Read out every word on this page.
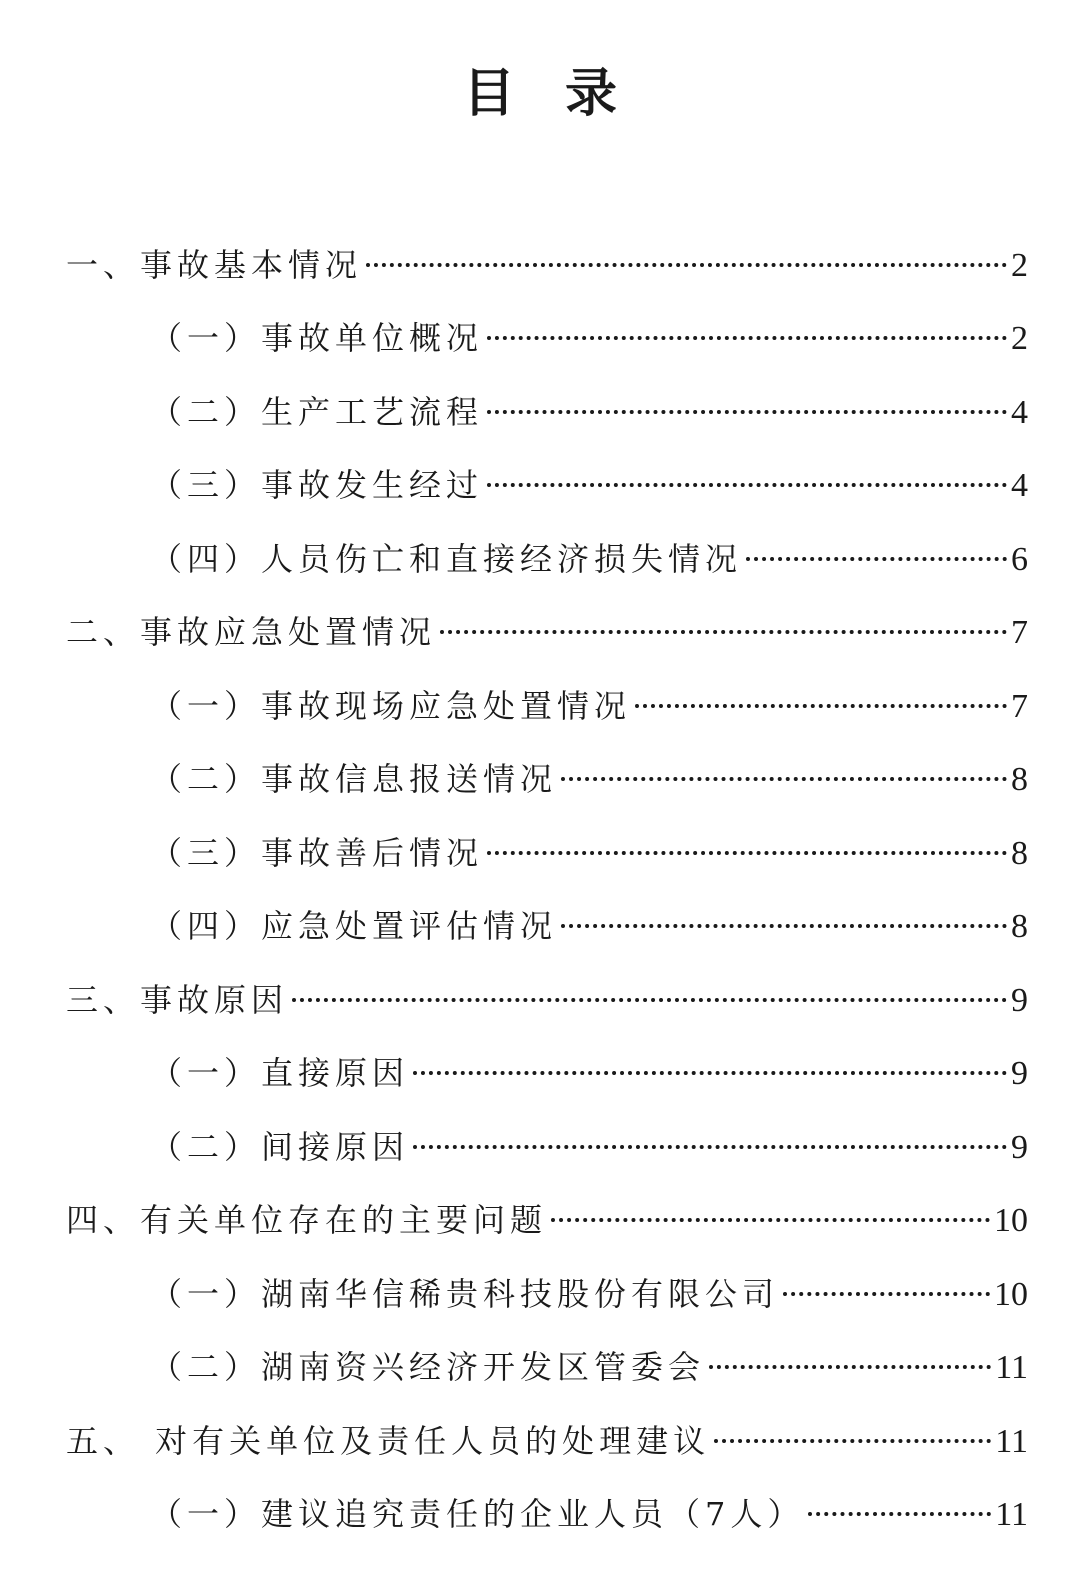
目录
一、事故基本情况	2
（一）事故单位概况	2
（二）生产工艺流程	4
（三）事故发生经过	4
（四）人员伤亡和直接经济损失情况	6
二、事故应急处置情况	7
（一）事故现场应急处置情况	7
（二）事故信息报送情况	8
（三）事故善后情况	8
（四）应急处置评估情况	8
三、事故原因	9
（一）直接原因	9
（二）间接原因	9
四、有关单位存在的主要问题	10
（一）湖南华信稀贵科技股份有限公司	10
（二）湖南资兴经济开发区管委会	11
五、 对有关单位及责任人员的处理建议	11
（一）建议追究责任的企业人员（7人）	11
